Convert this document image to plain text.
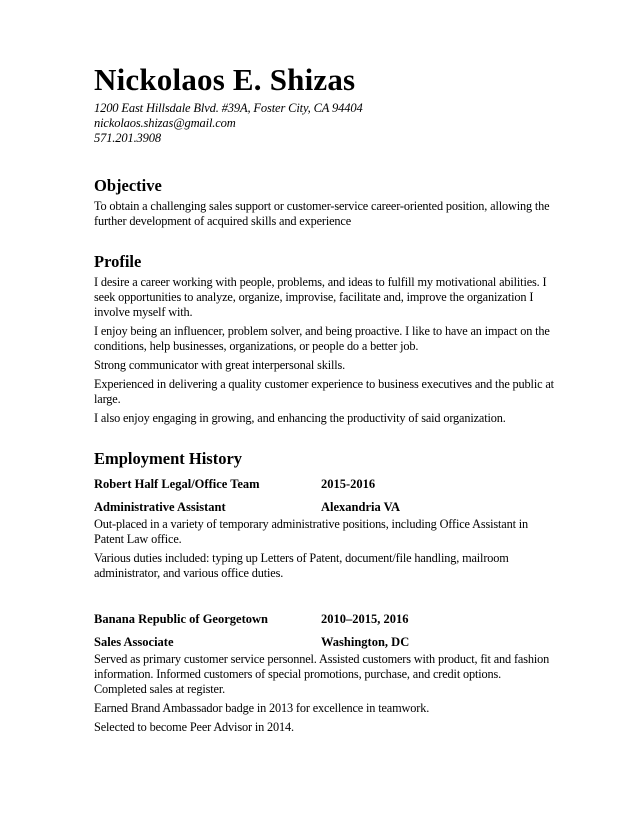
Nickolaos E. Shizas

1200 East Hillsdale Blvd. #39A, Foster City, CA 94404

nickolaos.shizas@gmail.com

571.201.3908

Objective

To obtain a challenging sales support or customer-service career-oriented position, allowing the further development of acquired skills and experience

Profile

I desire a career working with people, problems, and ideas to fulfill my motivational abilities. I seek opportunities to analyze, organize, improvise, facilitate and, improve the organization I involve myself with.

I enjoy being an influencer, problem solver, and being proactive. I like to have an impact on the conditions, help businesses, organizations, or people do a better job.

Strong communicator with great interpersonal skills.

Experienced in delivering a quality customer experience to business executives and the public at large.

I also enjoy engaging in growing, and enhancing the productivity of said organization.

Employment History
Robert Half Legal/Office Team	2015-2016
Administrative Assistant	Alexandria VA

Out-placed in a variety of temporary administrative positions, including Office Assistant in Patent Law office.

Various duties included: typing up Letters of Patent, document/file handling, mailroom administrator, and various office duties.

Banana Republic of Georgetown	2010–2015, 2016
Sales Associate	Washington, DC

Served as primary customer service personnel. Assisted customers with product, fit and fashion information. Informed customers of special promotions, purchase, and credit options. Completed sales at register.

Earned Brand Ambassador badge in 2013 for excellence in teamwork.

Selected to become Peer Advisor in 2014.
